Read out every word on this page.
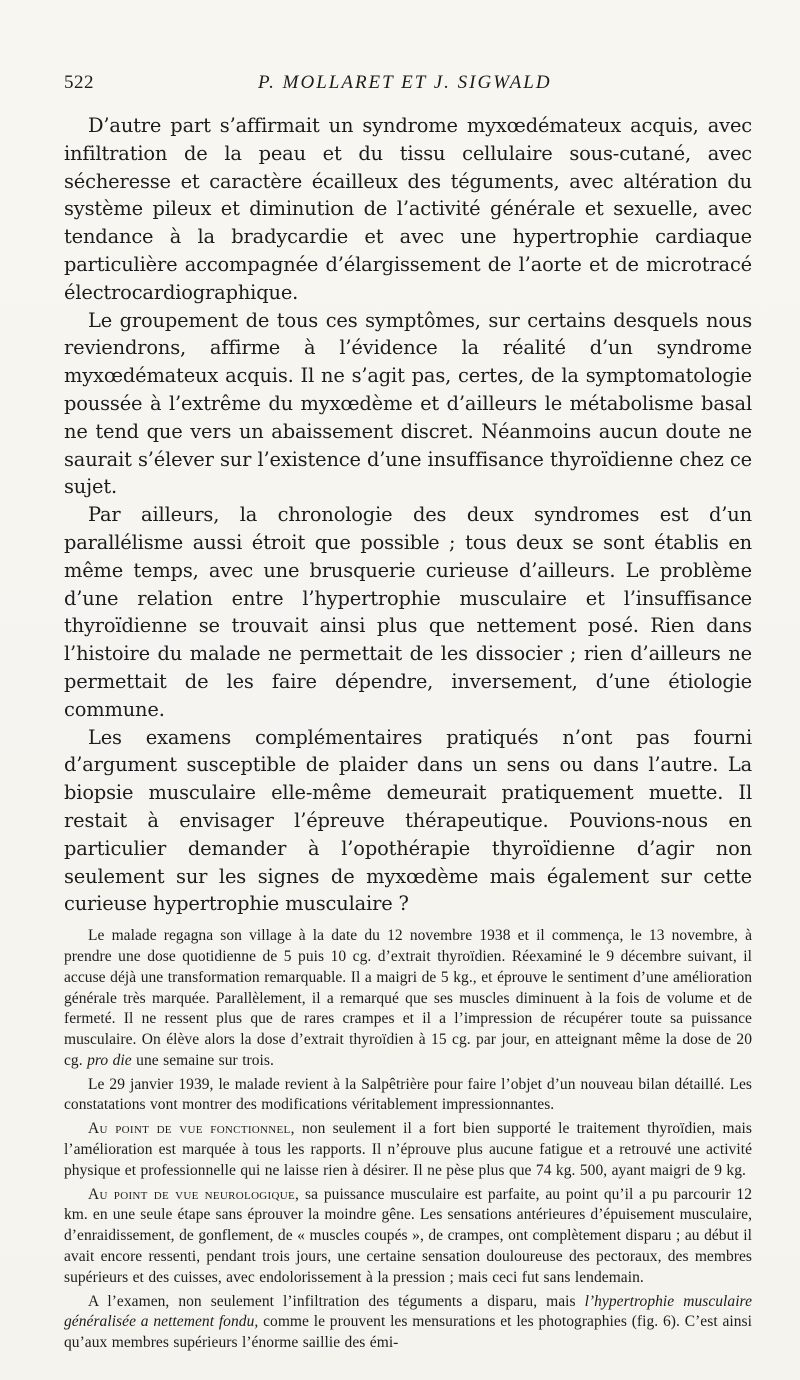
522	P. MOLLARET ET J. SIGWALD

D’autre part s’affirmait un syndrome myxœdémateux acquis, avec infiltration de la peau et du tissu cellulaire sous-cutané, avec sécheresse et caractère écailleux des téguments, avec altération du système pileux et diminution de l’activité générale et sexuelle, avec tendance à la bradycardie et avec une hypertrophie cardiaque particulière accompagnée d’élargissement de l’aorte et de microtracé électrocardiographique.

Le groupement de tous ces symptômes, sur certains desquels nous reviendrons, affirme à l’évidence la réalité d’un syndrome myxœdémateux acquis. Il ne s’agit pas, certes, de la symptomatologie poussée à l’extrême du myxœdème et d’ailleurs le métabolisme basal ne tend que vers un abaissement discret. Néanmoins aucun doute ne saurait s’élever sur l’existence d’une insuffisance thyroïdienne chez ce sujet.

Par ailleurs, la chronologie des deux syndromes est d’un parallélisme aussi étroit que possible ; tous deux se sont établis en même temps, avec une brusquerie curieuse d’ailleurs. Le problème d’une relation entre l’hypertrophie musculaire et l’insuffisance thyroïdienne se trouvait ainsi plus que nettement posé. Rien dans l’histoire du malade ne permettait de les dissocier ; rien d’ailleurs ne permettait de les faire dépendre, inversement, d’une étiologie commune.

Les examens complémentaires pratiqués n’ont pas fourni d’argument susceptible de plaider dans un sens ou dans l’autre. La biopsie musculaire elle-même demeurait pratiquement muette. Il restait à envisager l’épreuve thérapeutique. Pouvions-nous en particulier demander à l’opothérapie thyroïdienne d’agir non seulement sur les signes de myxœdème mais également sur cette curieuse hypertrophie musculaire ?

Le malade regagna son village à la date du 12 novembre 1938 et il commença, le 13 novembre, à prendre une dose quotidienne de 5 puis 10 cg. d’extrait thyroïdien. Réexaminé le 9 décembre suivant, il accuse déjà une transformation remarquable. Il a maigri de 5 kg., et éprouve le sentiment d’une amélioration générale très marquée. Parallèlement, il a remarqué que ses muscles diminuent à la fois de volume et de fermeté. Il ne ressent plus que de rares crampes et il a l’impression de récupérer toute sa puissance musculaire. On élève alors la dose d’extrait thyroïdien à 15 cg. par jour, en atteignant même la dose de 20 cg. pro die une semaine sur trois.

Le 29 janvier 1939, le malade revient à la Salpêtrière pour faire l’objet d’un nouveau bilan détaillé. Les constatations vont montrer des modifications véritablement impressionnantes.

Au point de vue fonctionnel, non seulement il a fort bien supporté le traitement thyroïdien, mais l’amélioration est marquée à tous les rapports. Il n’éprouve plus aucune fatigue et a retrouvé une activité physique et professionnelle qui ne laisse rien à désirer. Il ne pèse plus que 74 kg. 500, ayant maigri de 9 kg.

Au point de vue neurologique, sa puissance musculaire est parfaite, au point qu’il a pu parcourir 12 km. en une seule étape sans éprouver la moindre gêne. Les sensations antérieures d’épuisement musculaire, d’enraidissement, de gonflement, de « muscles coupés », de crampes, ont complètement disparu ; au début il avait encore ressenti, pendant trois jours, une certaine sensation douloureuse des pectoraux, des membres supérieurs et des cuisses, avec endolorissement à la pression ; mais ceci fut sans lendemain.

A l’examen, non seulement l’infiltration des téguments a disparu, mais l’hypertrophie musculaire généralisée a nettement fondu, comme le prouvent les mensurations et les photographies (fig. 6). C’est ainsi qu’aux membres supérieurs l’énorme saillie des émi-
